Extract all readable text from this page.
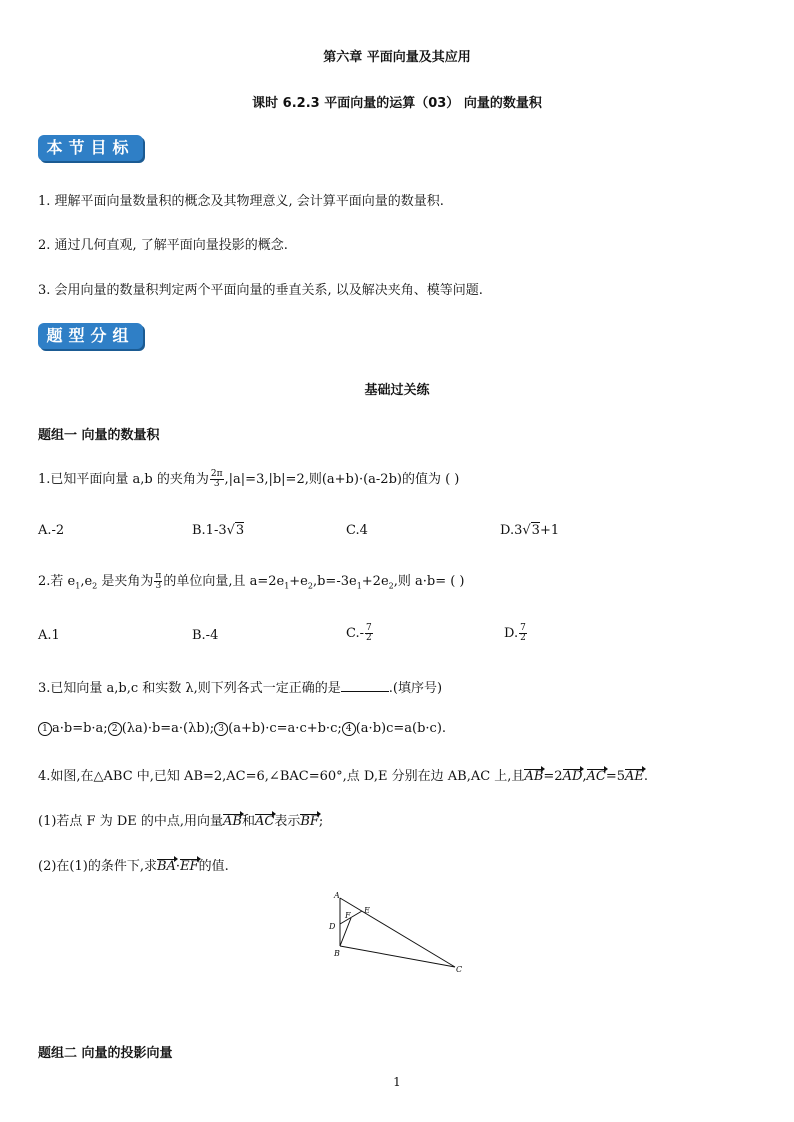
第六章 平面向量及其应用
课时 6.2.3 平面向量的运算（03） 向量的数量积
本节目标
1. 理解平面向量数量积的概念及其物理意义, 会计算平面向量的数量积.
2. 通过几何直观, 了解平面向量投影的概念.
3. 会用向量的数量积判定两个平面向量的垂直关系, 以及解决夹角、模等问题.
题型分组
基础过关练
题组一 向量的数量积
1.已知平面向量 a,b 的夹角为 $\frac{2\pi}{3} ,|a|=3,|b|=2$,则(a+b)·(a-2b)的值为 ( )
A.-2	B.1-3√3	C.4	D.3√3+1
2.若 $e_1,e_2$ 是夹角为 $\frac{\pi}{3}$ 的单位向量,且 $a=2e_1+e_2,b=-3e_1+2e_2$,则 a·b= ( )
A.1	B.-4	$C.- \frac{7}{2}$	D. $\frac{7}{2}$
3.已知向量 a,b,c 和实数 λ,则下列各式一定正确的是	.(填序号)
1 a·b=b·a; 2 (λa)·b=a·(λb); 3 (a+b)·c=a·c+b·c; 4 (a·b)c=a(b·c).
4.如图,在△ABC 中,已知 AB=2,AC=6,∠BAC=60°,点 D,E 分别在边 AB,AC 上,且AB=2AD,AC=5AE.
(1)若点 F 为 DE 的中点,用向量AB和AC表示BF;
(2)在(1)的条件下,求BA·EF的值.
A
B
C
D
E
F
题组二 向量的投影向量
1
